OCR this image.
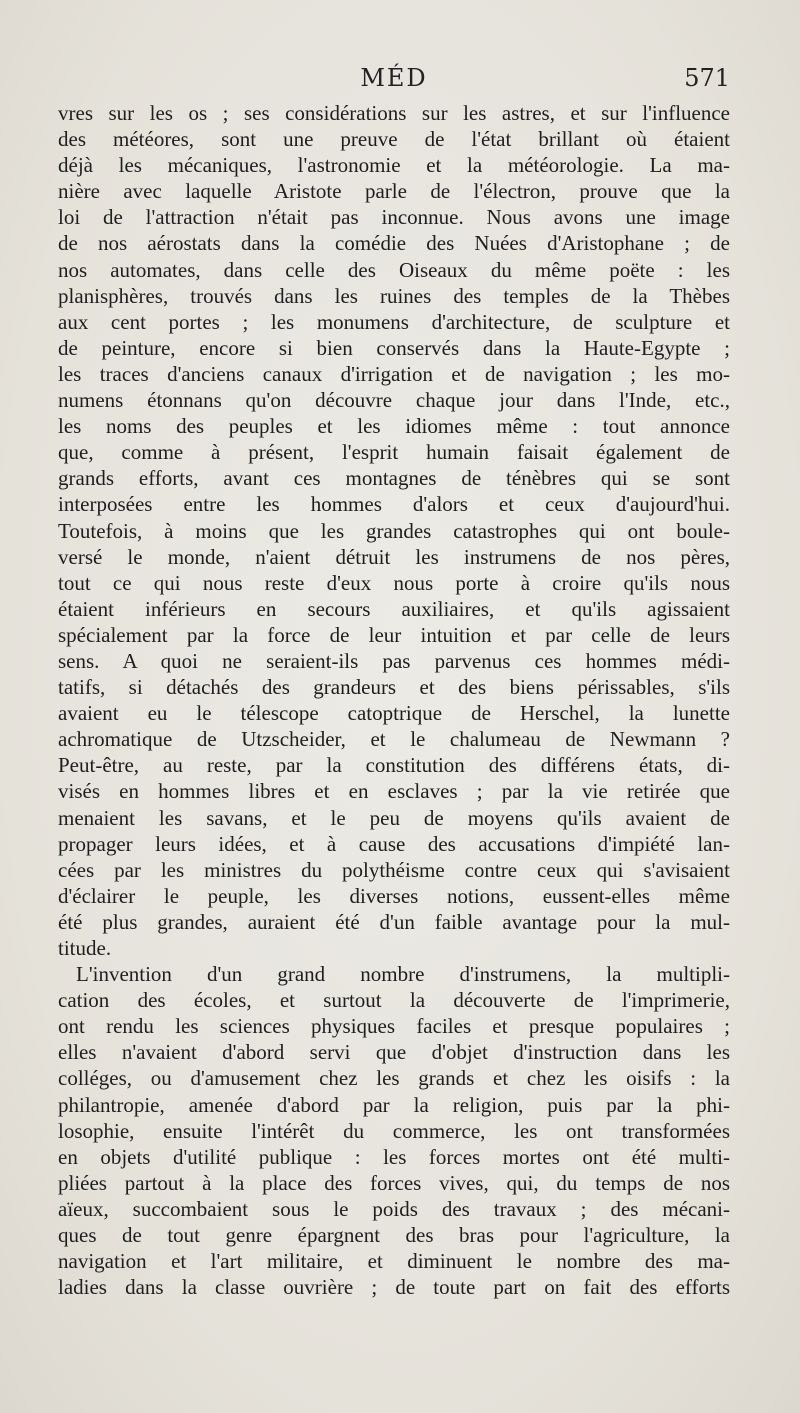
MÉD	571
vres sur les os ; ses considérations sur les astres, et sur l'influence
des météores, sont une preuve de l'état brillant où étaient
déjà les mécaniques, l'astronomie et la météorologie. La ma-
nière avec laquelle Aristote parle de l'électron, prouve que la
loi de l'attraction n'était pas inconnue. Nous avons une image
de nos aérostats dans la comédie des Nuées d'Aristophane ; de
nos automates, dans celle des Oiseaux du même poëte : les
planisphères, trouvés dans les ruines des temples de la Thèbes
aux cent portes ; les monumens d'architecture, de sculpture et
de peinture, encore si bien conservés dans la Haute-Egypte ;
les traces d'anciens canaux d'irrigation et de navigation ; les mo-
numens étonnans qu'on découvre chaque jour dans l'Inde, etc.,
les noms des peuples et les idiomes même : tout annonce
que, comme à présent, l'esprit humain faisait également de
grands efforts, avant ces montagnes de ténèbres qui se sont
interposées entre les hommes d'alors et ceux d'aujourd'hui.
Toutefois, à moins que les grandes catastrophes qui ont boule-
versé le monde, n'aient détruit les instrumens de nos pères,
tout ce qui nous reste d'eux nous porte à croire qu'ils nous
étaient inférieurs en secours auxiliaires, et qu'ils agissaient
spécialement par la force de leur intuition et par celle de leurs
sens. A quoi ne seraient-ils pas parvenus ces hommes médi-
tatifs, si détachés des grandeurs et des biens périssables, s'ils
avaient eu le télescope catoptrique de Herschel, la lunette
achromatique de Utzscheider, et le chalumeau de Newmann ?
Peut-être, au reste, par la constitution des différens états, di-
visés en hommes libres et en esclaves ; par la vie retirée que
menaient les savans, et le peu de moyens qu'ils avaient de
propager leurs idées, et à cause des accusations d'impiété lan-
cées par les ministres du polythéisme contre ceux qui s'avisaient
d'éclairer le peuple, les diverses notions, eussent-elles même
été plus grandes, auraient été d'un faible avantage pour la mul-
titude.
L'invention d'un grand nombre d'instrumens, la multipli-
cation des écoles, et surtout la découverte de l'imprimerie,
ont rendu les sciences physiques faciles et presque populaires ;
elles n'avaient d'abord servi que d'objet d'instruction dans les
colléges, ou d'amusement chez les grands et chez les oisifs : la
philantropie, amenée d'abord par la religion, puis par la phi-
losophie, ensuite l'intérêt du commerce, les ont transformées
en objets d'utilité publique : les forces mortes ont été multi-
pliées partout à la place des forces vives, qui, du temps de nos
aïeux, succombaient sous le poids des travaux ; des mécani-
ques de tout genre épargnent des bras pour l'agriculture, la
navigation et l'art militaire, et diminuent le nombre des ma-
ladies dans la classe ouvrière ; de toute part on fait des efforts
